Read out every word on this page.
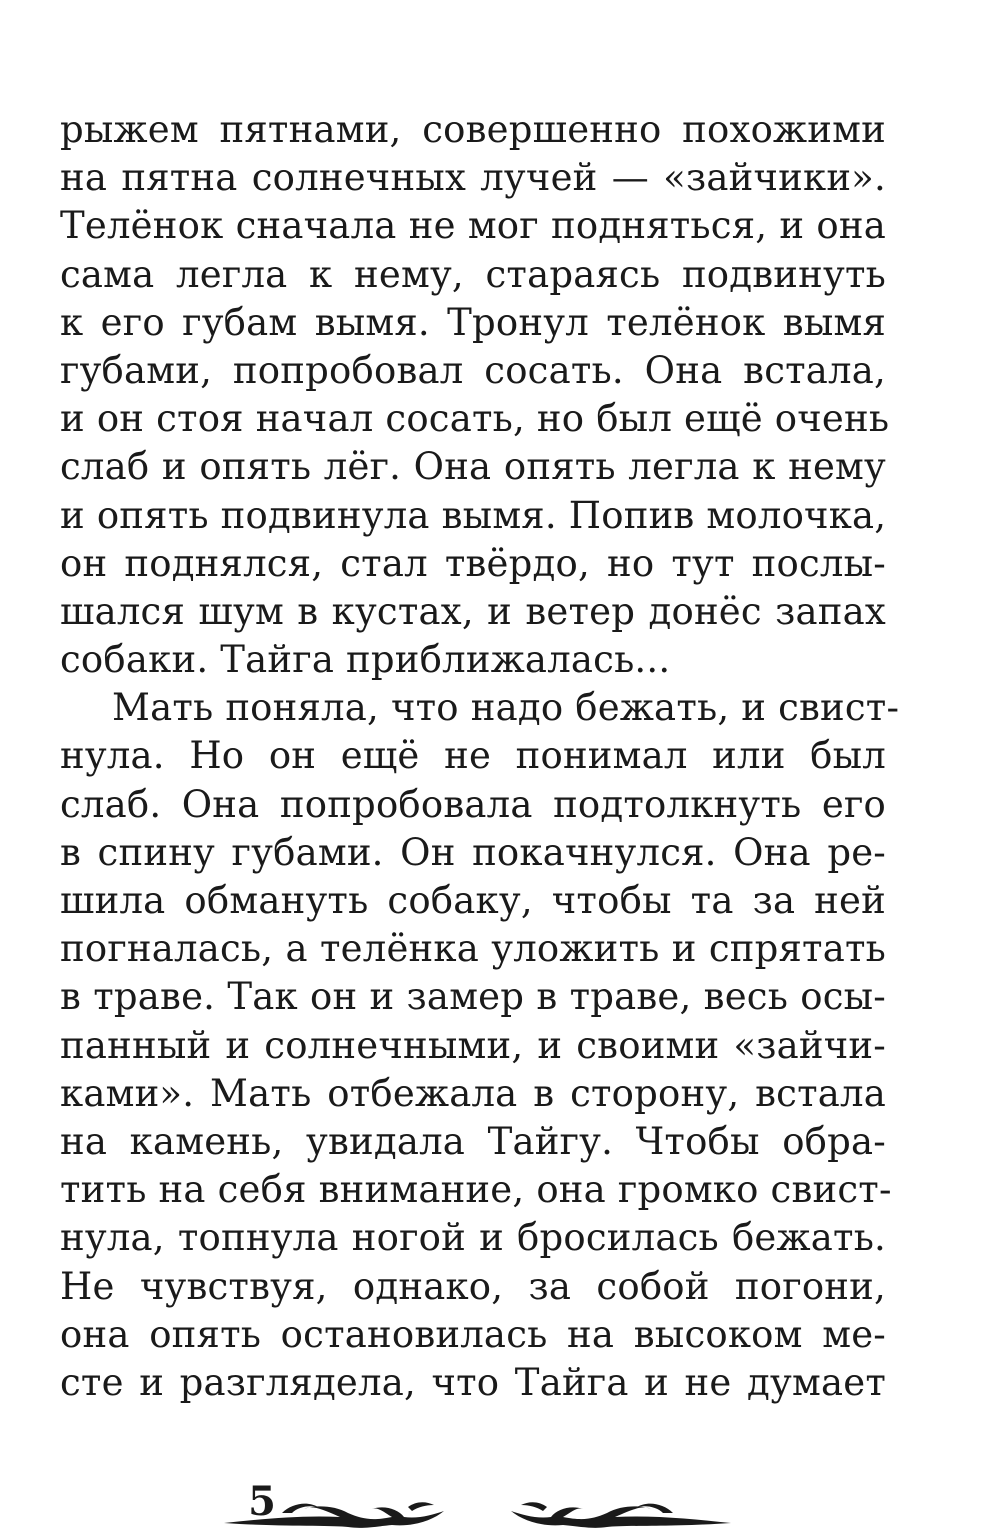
рыжем пятнами, совершенно похожими
на пятна солнечных лучей — «зайчики».
Телёнок сначала не мог подняться, и она
сама легла к нему, стараясь подвинуть
к его губам вымя. Тронул телёнок вымя
губами, попробовал сосать. Она встала,
и он стоя начал сосать, но был ещё очень
слаб и опять лёг. Она опять легла к нему
и опять подвинула вымя. Попив молочка,
он поднялся, стал твёрдо, но тут послы-
шался шум в кустах, и ветер донёс запах
собаки. Тайга приближалась...
Мать поняла, что надо бежать, и свист-
нула. Но он ещё не понимал или был
слаб. Она попробовала подтолкнуть его
в спину губами. Он покачнулся. Она ре-
шила обмануть собаку, чтобы та за ней
погналась, а телёнка уложить и спрятать
в траве. Так он и замер в траве, весь осы-
панный и солнечными, и своими «зайчи-
ками». Мать отбежала в сторону, встала
на камень, увидала Тайгу. Чтобы обра-
тить на себя внимание, она громко свист-
нула, топнула ногой и бросилась бежать.
Не чувствуя, однако, за собой погони,
она опять остановилась на высоком ме-
сте и разглядела, что Тайга и не думает
5
